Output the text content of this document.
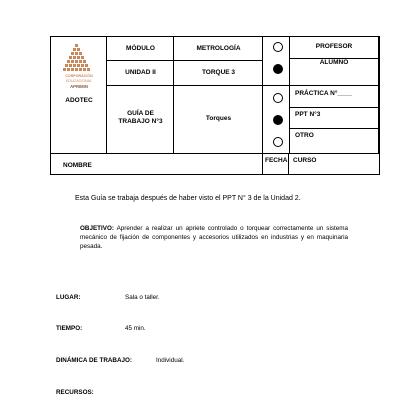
CORPORACIÓN
EDUCACIONAL
APRIMIN
ADOTEC
MÓDULO	METROLOGÍA
UNIDAD II	TORQUE 3
GUÍA DE TRABAJO N°3	Torques
PROFESOR
ALUMNO
PRÁCTICA N°____
PPT N°3
OTRO
NOMBRE
FECHA CURSO
Esta Guía se trabaja después de haber visto el PPT N° 3 de la Unidad 2.
OBJETIVO: Aprender a realizar un apriete controlado o torquear correctamente un sistema mecánico de fijación de componentes y accesorios utilizados en industrias y en maquinaria pesada.
LUGAR:	Sala o taller.
TIEMPO:	45 min.
DINÁMICA DE TRABAJO:	Individual.
RECURSOS:
